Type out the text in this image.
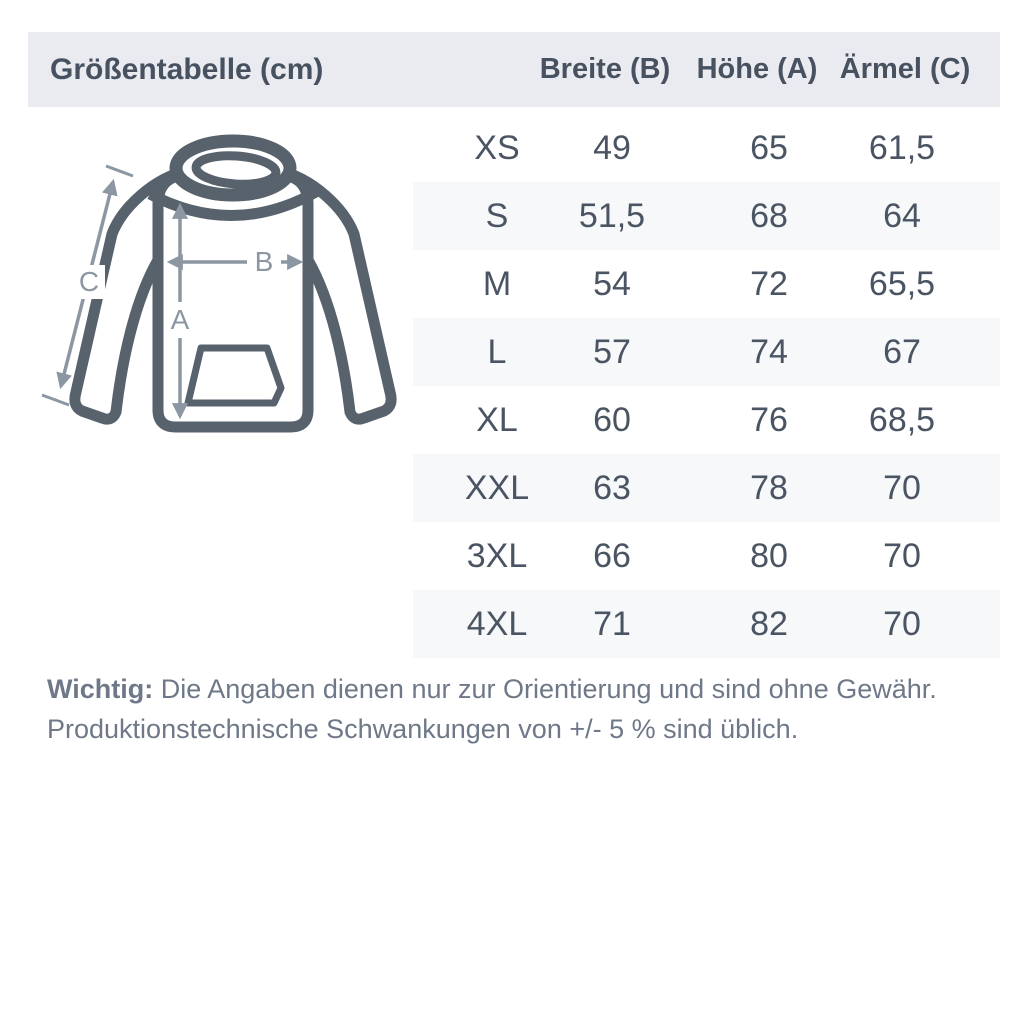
Größentabelle (cm)	Breite (B) Höhe (A) Ärmel (C)
A
B
C
XS 49	65 61,5
S 51,5	68	64
M 54	72 65,5
L	57	74	67
XL 60	76 68,5
XXL 63	78	70
3XL 66	80	70
4XL 71	82	70
Wichtig: Die Angaben dienen nur zur Orientierung und sind ohne Gewähr.
Produktionstechnische Schwankungen von +/- 5 % sind üblich.
